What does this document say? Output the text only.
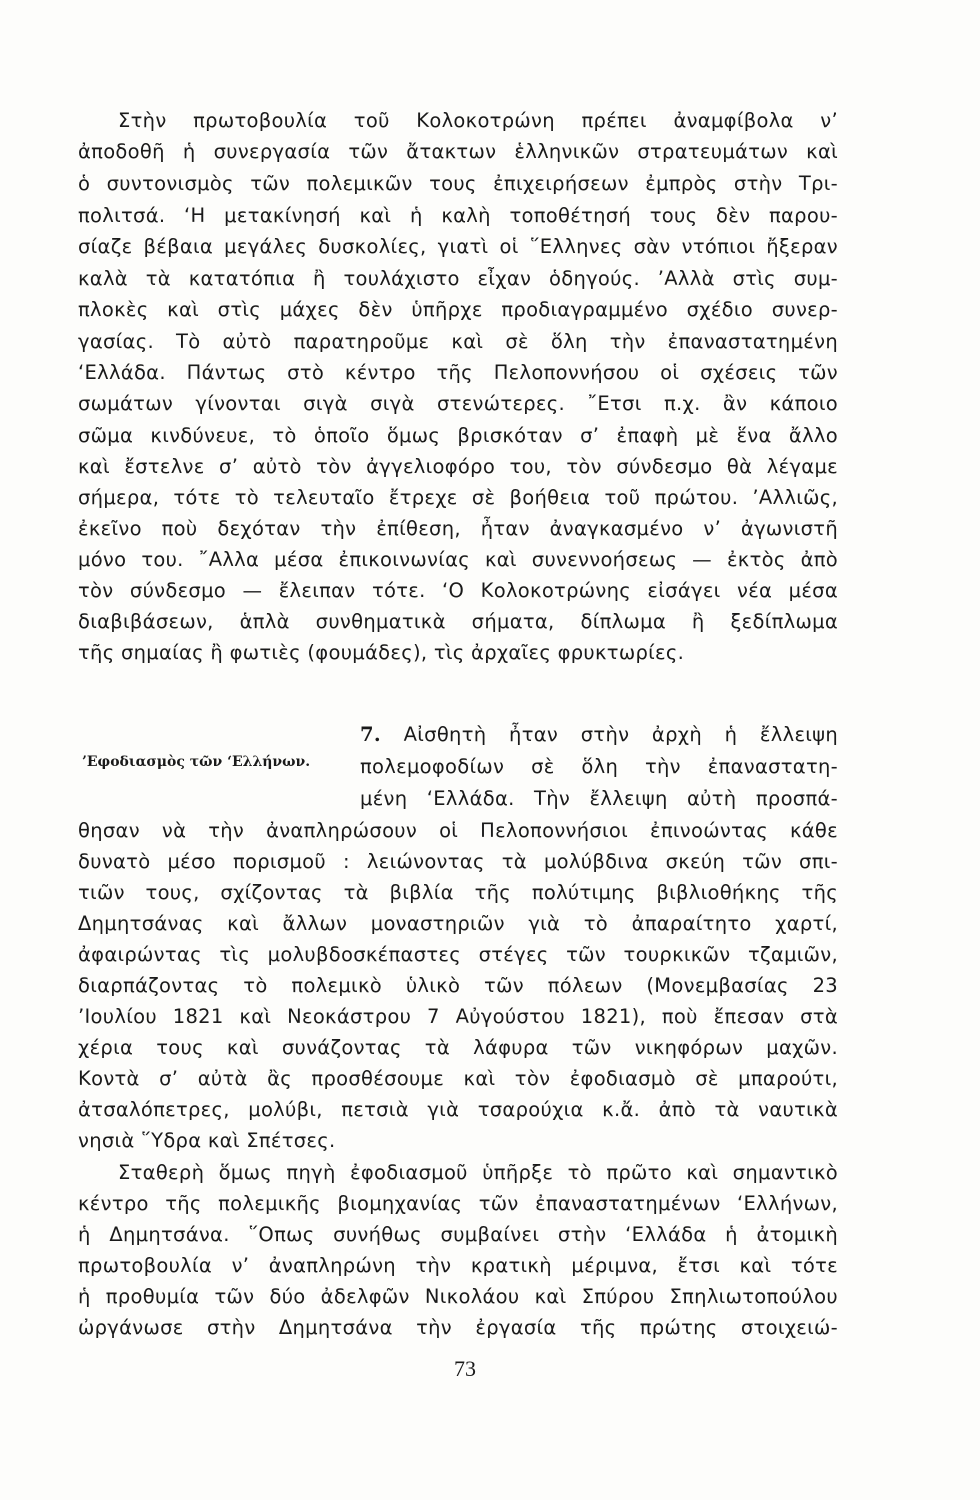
Στὴν πρωτοβουλία τοῦ Κολοκοτρώνη πρέπει ἀναμφίβολα ν’
ἀποδοθῆ ἡ συνεργασία τῶν ἄτακτων ἑλληνικῶν στρατευμάτων καὶ
ὁ συντονισμὸς τῶν πολεμικῶν τους ἐπιχειρήσεων ἐμπρὸς στὴν Τρι-
πολιτσά. ‘Η μετακίνησή καὶ ἡ καλὴ τοποθέτησή τους δὲν παρου-
σίαζε βέβαια μεγάλες δυσκολίες, γιατὶ οἱ ῞Ελληνες σὰν ντόπιοι ἤξεραν
καλὰ τὰ κατατόπια ἢ τουλάχιστο εἶχαν ὁδηγούς. ’Αλλὰ στὶς συμ-
πλοκὲς καὶ στὶς μάχες δὲν ὑπῆρχε προδιαγραμμένο σχέδιο συνερ-
γασίας. Τὸ αὐτὸ παρατηροῦμε καὶ σὲ ὅλη τὴν ἐπαναστατημένη
‘Ελλάδα. Πάντως στὸ κέντρο τῆς Πελοποννήσου οἱ σχέσεις τῶν
σωμάτων γίνονται σιγὰ σιγὰ στενώτερες. ῎Ετσι π.χ. ἂν κάποιο
σῶμα κινδύνευε, τὸ ὁποῖο ὅμως βρισκόταν σ’ ἐπαφὴ μὲ ἕνα ἄλλο
καὶ ἔστελνε σ’ αὐτὸ τὸν ἀγγελιοφόρο του, τὸν σύνδεσμο θὰ λέγαμε
σήμερα, τότε τὸ τελευταῖο ἔτρεχε σὲ βοήθεια τοῦ πρώτου. ’Αλλιῶς,
ἐκεῖνο ποὺ δεχόταν τὴν ἐπίθεση, ἦταν ἀναγκασμένο ν’ ἀγωνιστῆ
μόνο του. ῎Αλλα μέσα ἐπικοινωνίας καὶ συνεννοήσεως — ἐκτὸς ἀπὸ
τὸν σύνδεσμο — ἔλειπαν τότε. ‘Ο Κολοκοτρώνης εἰσάγει νέα μέσα
διαβιβάσεων, ἁπλὰ συνθηματικὰ σήματα, δίπλωμα ἢ ξεδίπλωμα
τῆς σημαίας ἢ φωτιὲς (φουμάδες), τὶς ἀρχαῖες φρυκτωρίες.
’Εφοδιασμὸς τῶν ‘Ελλήνων.
7. Αἰσθητὴ ἦταν στὴν ἀρχὴ ἡ ἔλλειψη
πολεμοφοδίων σὲ ὅλη τὴν ἐπαναστατη-
μένη ‘Ελλάδα. Τὴν ἔλλειψη αὐτὴ προσπά-
θησαν νὰ τὴν ἀναπληρώσουν οἱ Πελοποννήσιοι ἐπινοώντας κάθε
δυνατὸ μέσο πορισμοῦ : λειώνοντας τὰ μολύβδινα σκεύη τῶν σπι-
τιῶν τους, σχίζοντας τὰ βιβλία τῆς πολύτιμης βιβλιοθήκης τῆς
Δημητσάνας καὶ ἄλλων μοναστηριῶν γιὰ τὸ ἀπαραίτητο χαρτί,
ἀφαιρώντας τὶς μολυβδοσκέπαστες στέγες τῶν τουρκικῶν τζαμιῶν,
διαρπάζοντας τὸ πολεμικὸ ὑλικὸ τῶν πόλεων (Μονεμβασίας 23
’Ιουλίου 1821 καὶ Νεοκάστρου 7 Αὐγούστου 1821), ποὺ ἔπεσαν στὰ
χέρια τους καὶ συνάζοντας τὰ λάφυρα τῶν νικηφόρων μαχῶν.
Κοντὰ σ’ αὐτὰ ἂς προσθέσουμε καὶ τὸν ἐφοδιασμὸ σὲ μπαρούτι,
ἀτσαλόπετρες, μολύβι, πετσιὰ γιὰ τσαρούχια κ.ἄ. ἀπὸ τὰ ναυτικὰ
νησιὰ ῞Υδρα καὶ Σπέτσες.
Σταθερὴ ὅμως πηγὴ ἐφοδιασμοῦ ὑπῆρξε τὸ πρῶτο καὶ σημαντικὸ
κέντρο τῆς πολεμικῆς βιομηχανίας τῶν ἐπαναστατημένων ‘Ελλήνων,
ἡ Δημητσάνα. ῞Οπως συνήθως συμβαίνει στὴν ‘Ελλάδα ἡ ἀτομικὴ
πρωτοβουλία ν’ ἀναπληρώνη τὴν κρατικὴ μέριμνα, ἔτσι καὶ τότε
ἡ προθυμία τῶν δύο ἀδελφῶν Νικολάου καὶ Σπύρου Σπηλιωτοπούλου
ὠργάνωσε στὴν Δημητσάνα τὴν ἐργασία τῆς πρώτης στοιχειώ-
73
